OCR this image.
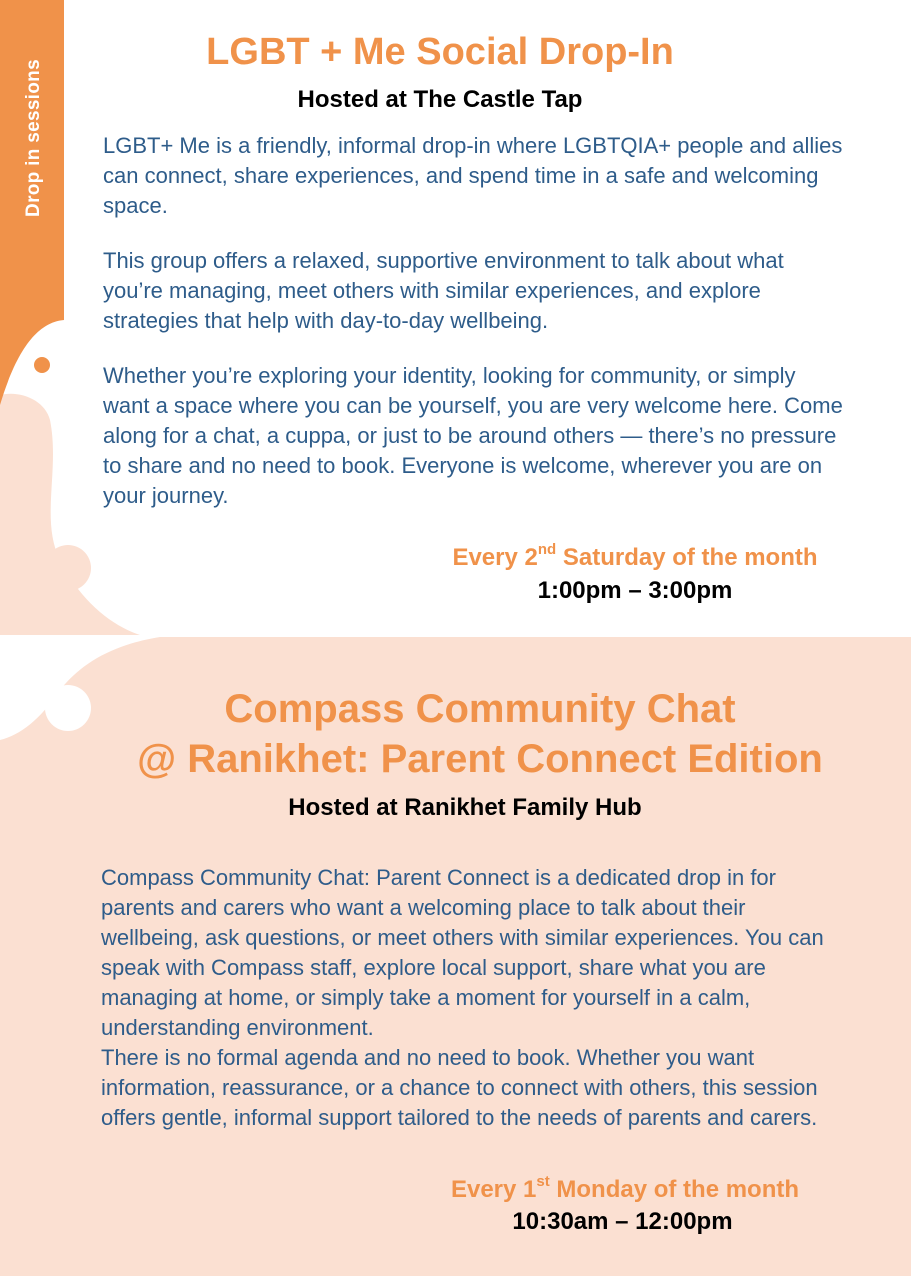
Drop in sessions
LGBT + Me Social Drop-In
Hosted at The Castle Tap

LGBT+ Me is a friendly, informal drop-in where LGBTQIA+ people and allies can connect, share experiences, and spend time in a safe and welcoming space.

This group offers a relaxed, supportive environment to talk about what you’re managing, meet others with similar experiences, and explore strategies that help with day-to-day wellbeing.

Whether you’re exploring your identity, looking for community, or simply want a space where you can be yourself, you are very welcome here. Come along for a chat, a cuppa, or just to be around others — there’s no pressure to share and no need to book. Everyone is welcome, wherever you are on your journey.

Every 2nd Saturday of the month
1:00pm – 3:00pm
Compass Community Chat
@ Ranikhet: Parent Connect Edition
Hosted at Ranikhet Family Hub

Compass Community Chat: Parent Connect is a dedicated drop in for parents and carers who want a welcoming place to talk about their wellbeing, ask questions, or meet others with similar experiences. You can speak with Compass staff, explore local support, share what you are managing at home, or simply take a moment for yourself in a calm, understanding environment.

There is no formal agenda and no need to book. Whether you want information, reassurance, or a chance to connect with others, this session offers gentle, informal support tailored to the needs of parents and carers.

Every 1st Monday of the month
10:30am – 12:00pm
